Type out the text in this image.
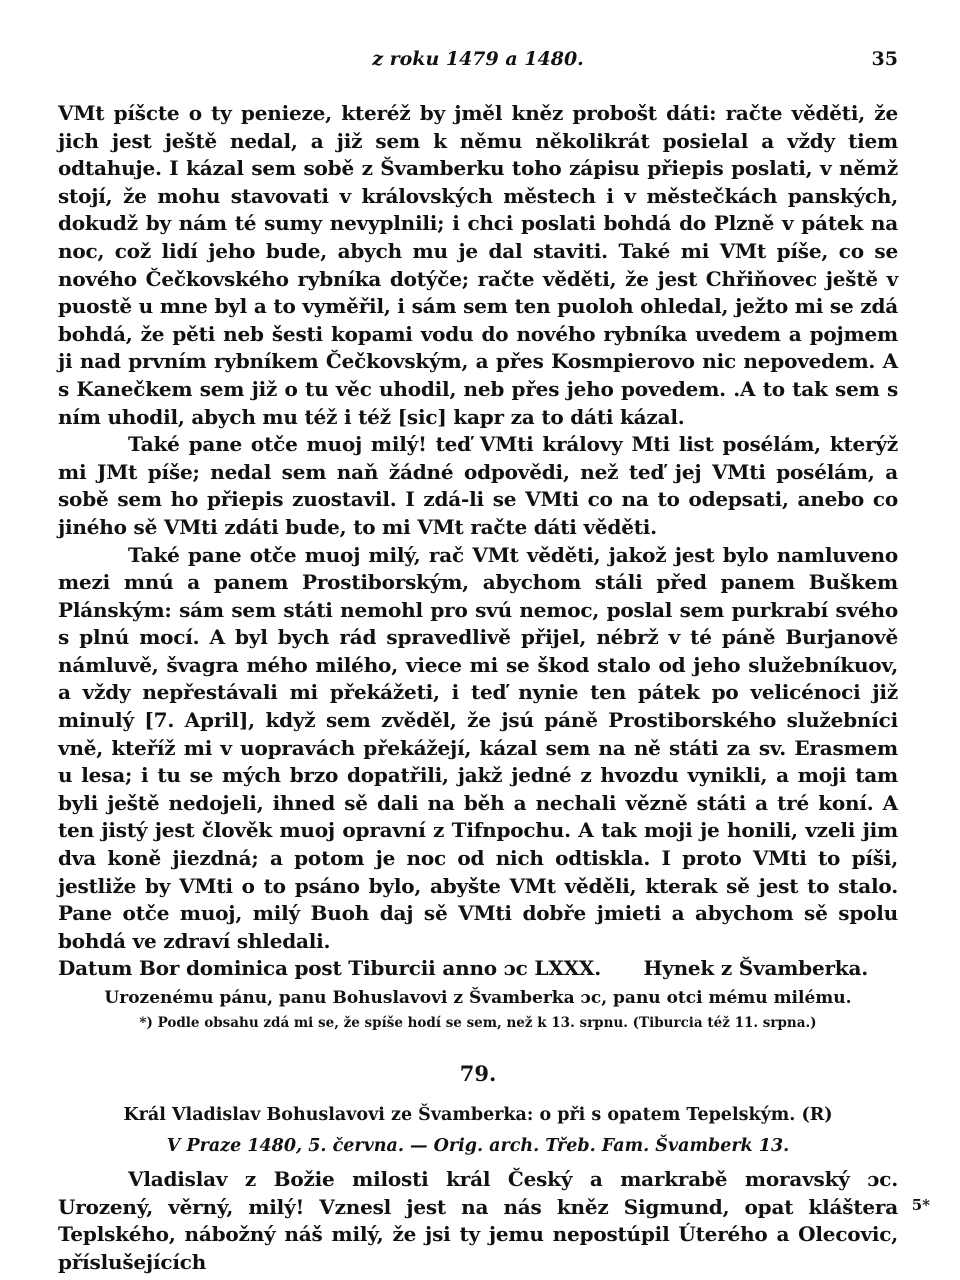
z roku 1479 a 1480.	35

VMt píšcte o ty penieze, kteréž by jměl kněz probošt dáti: račte věděti, že jich jest ještě nedal, a již sem k němu několikrát posielal a vždy tiem odtahuje. I kázal sem sobě z Švamberku toho zápisu přiepis poslati, v němž stojí, že mohu stavovati v královských městech i v městečkách panských, dokudž by nám té sumy nevyplnili; i chci poslati bohdá do Plzně v pátek na noc, což lidí jeho bude, abych mu je dal staviti. Také mi VMt píše, co se nového Čečkovského rybníka dotýče; račte věděti, že jest Chřiňovec ještě v puostě u mne byl a to vyměřil, i sám sem ten puoloh ohledal, ježto mi se zdá bohdá, že pěti neb šesti kopami vodu do nového rybníka uvedem a pojmem ji nad prvním rybníkem Čečkovským, a přes Kosmpierovo nic nepovedem. A s Kanečkem sem již o tu věc uhodil, neb přes jeho povedem. .A to tak sem s ním uhodil, abych mu též i též [sic] kapr za to dáti kázal.

Také pane otče muoj milý! teď VMti královy Mti list posélám, kterýž mi JMt píše; nedal sem naň žádné odpovědi, než teď jej VMti posélám, a sobě sem ho přiepis zuostavil. I zdá-li se VMti co na to odepsati, anebo co jiného sě VMti zdáti bude, to mi VMt račte dáti věděti.

Také pane otče muoj milý, rač VMt věděti, jakož jest bylo namluveno mezi mnú a panem Prostiborským, abychom stáli před panem Buškem Plánským: sám sem státi nemohl pro svú nemoc, poslal sem purkrabí svého s plnú mocí. A byl bych rád spravedlivě přijel, nébrž v té páně Burjanově námluvě, švagra mého milého, viece mi se škod stalo od jeho služebníkuov, a vždy nepřestávali mi překážeti, i teď nynie ten pátek po velicénoci již minulý [7. April], když sem zvěděl, že jsú páně Prostiborského služebníci vně, kteříž mi v uopravách překážejí, kázal sem na ně státi za sv. Erasmem u lesa; i tu se mých brzo dopatřili, jakž jedné z hvozdu vynikli, a moji tam byli ještě nedojeli, ihned sě dali na běh a nechali vězně státi a tré koní. A ten jistý jest člověk muoj opravní z Tifnpochu. A tak moji je honili, vzeli jim dva koně jiezdná; a potom je noc od nich odtiskla. I proto VMti to píši, jestliže by VMti o to psáno bylo, abyšte VMt věděli, kterak sě jest to stalo. Pane otče muoj, milý Buoh daj sě VMti dobře jmieti a abychom sě spolu bohdá ve zdraví shledali.

Datum Bor dominica post Tiburcii anno ɔc LXXX. Hynek z Švamberka.
Urozenému pánu, panu Bohuslavovi z Švamberka ɔc, panu otci mému milému.
*) Podle obsahu zdá mi se, že spíše hodí se sem, než k 13. srpnu. (Tiburcia též 11. srpna.)
79.
Král Vladislav Bohuslavovi ze Švamberka: o při s opatem Tepelským. (R)
V Praze 1480, 5. června. — Orig. arch. Třeb. Fam. Švamberk 13.

Vladislav z Božie milosti král Český a markrabě moravský ɔc. Urozený, věrný, milý! Vznesl jest na nás kněz Sigmund, opat kláštera Teplského, nábožný náš milý, že jsi ty jemu nepostúpil Úterého a Olecovic, příslušejících

5*
